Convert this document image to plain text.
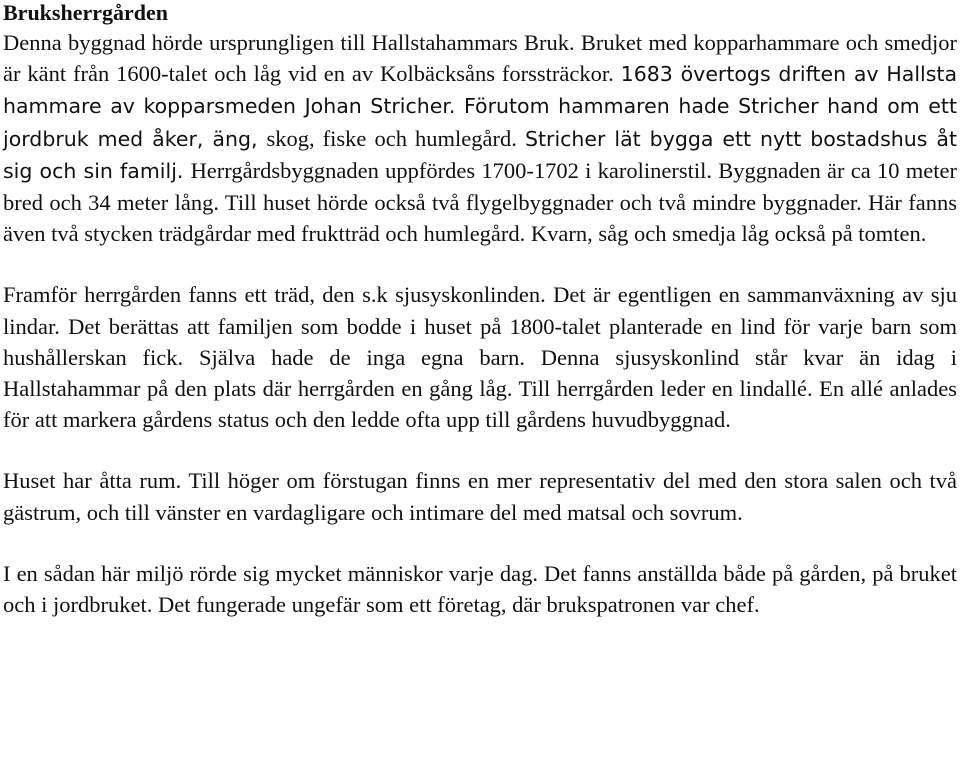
Bruksherrgården

Denna byggnad hörde ursprungligen till Hallstahammars Bruk. Bruket med kopparhammare och smedjor är känt från 1600-talet och låg vid en av Kolbäcksåns forssträckor. 1683 övertogs driften av Hallsta hammare av kopparsmeden Johan Stricher. Förutom hammaren hade Stricher hand om ett jordbruk med åker, äng, skog, fiske och humlegård. Stricher lät bygga ett nytt bostadshus åt sig och sin familj. Herrgårdsbyggnaden uppfördes 1700-1702 i karolinerstil. Byggnaden är ca 10 meter bred och 34 meter lång. Till huset hörde också två flygelbyggnader och två mindre byggnader. Här fanns även två stycken trädgårdar med fruktträd och humlegård. Kvarn, såg och smedja låg också på tomten.

Framför herrgården fanns ett träd, den s.k sjusyskonlinden. Det är egentligen en sammanväxning av sju lindar. Det berättas att familjen som bodde i huset på 1800-talet planterade en lind för varje barn som hushållerskan fick. Själva hade de inga egna barn. Denna sjusyskonlind står kvar än idag i Hallstahammar på den plats där herrgården en gång låg. Till herrgården leder en lindallé. En allé anlades för att markera gårdens status och den ledde ofta upp till gårdens huvudbyggnad.

Huset har åtta rum. Till höger om förstugan finns en mer representativ del med den stora salen och två gästrum, och till vänster en vardagligare och intimare del med matsal och sovrum.

I en sådan här miljö rörde sig mycket människor varje dag. Det fanns anställda både på gården, på bruket och i jordbruket. Det fungerade ungefär som ett företag, där brukspatronen var chef.
